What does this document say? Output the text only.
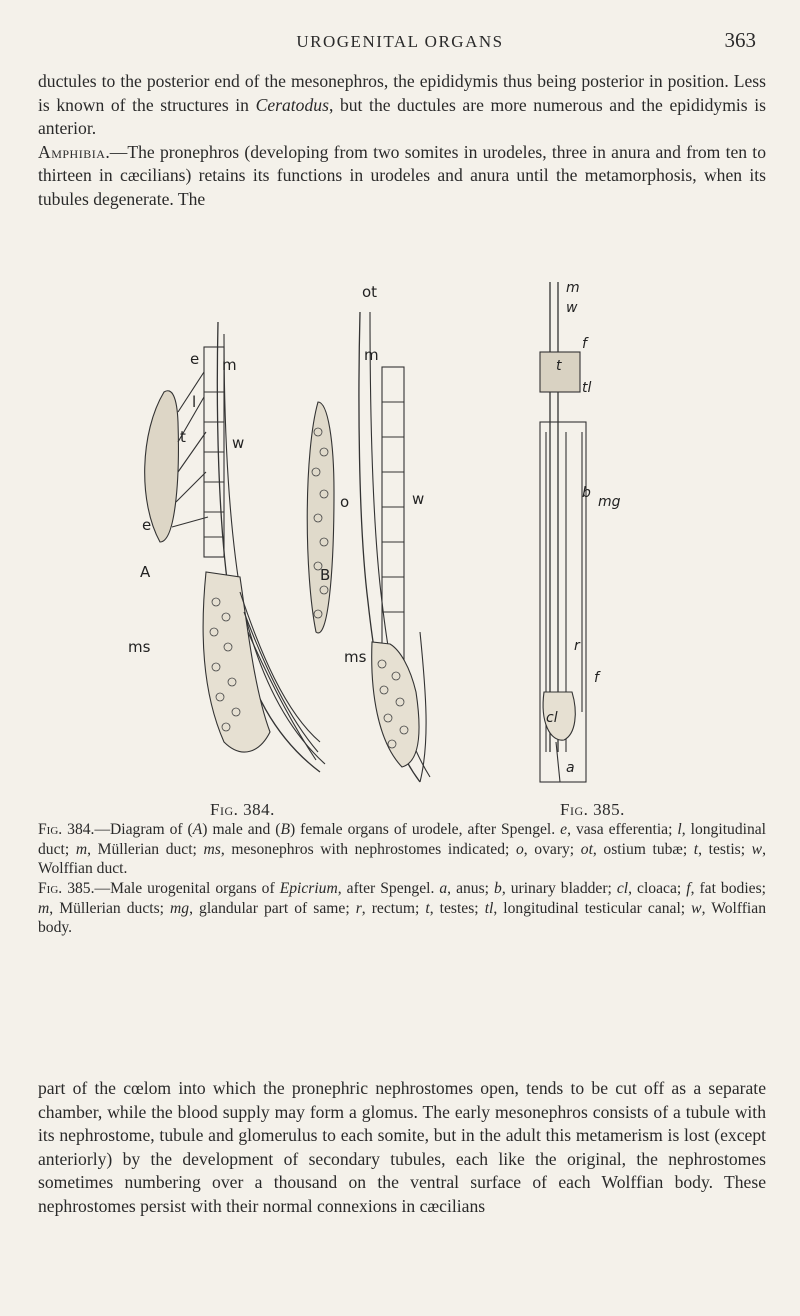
UROGENITAL ORGANS	363

ductules to the posterior end of the mesonephros, the epididymis thus being posterior in position. Less is known of the structures in Ceratodus, but the ductules are more numerous and the epididymis is anterior.
Amphibia.—The pronephros (developing from two somites in urodeles, three in anura and from ten to thirteen in cæcilians) retains its functions in urodeles and anura until the metamorphosis, when its tubules degenerate. The

t
e
l
m
w
e
A
ms
ot
m
o	w
B
ms
m
w
t
f
tl
b
mg
r
f
cl
a
Fig. 384.	Fig. 385.

Fig. 384.—Diagram of (A) male and (B) female organs of urodele, after Spengel. e, vasa efferentia; l, longitudinal duct; m, Müllerian duct; ms, mesonephros with nephrostomes indicated; o, ovary; ot, ostium tubæ; t, testis; w, Wolffian duct.

Fig. 385.—Male urogenital organs of Epicrium, after Spengel. a, anus; b, urinary bladder; cl, cloaca; f, fat bodies; m, Müllerian ducts; mg, glandular part of same; r, rectum; t, testes; tl, longitudinal testicular canal; w, Wolffian body.

part of the cœlom into which the pronephric nephrostomes open, tends to be cut off as a separate chamber, while the blood supply may form a glomus. The early mesonephros consists of a tubule with its nephrostome, tubule and glomerulus to each somite, but in the adult this metamerism is lost (except anteriorly) by the development of secondary tubules, each like the original, the nephrostomes sometimes numbering over a thousand on the ventral surface of each Wolffian body. These nephrostomes persist with their normal connexions in cæcilians
